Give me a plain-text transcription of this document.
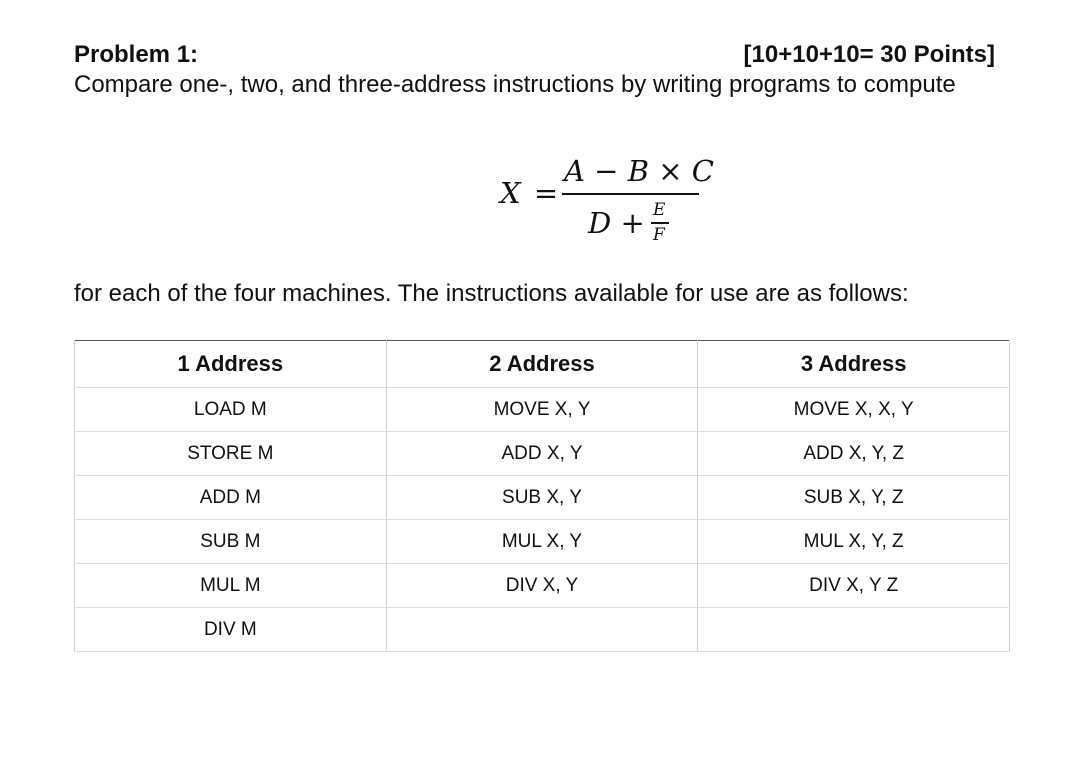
Problem 1:	[10+10+10= 30 Points]
Compare one-, two, and three-address instructions by writing programs to compute
X =
A − B × C
D + E
F
for each of the four machines. The instructions available for use are as follows:
1 Address	2 Address	3 Address
LOAD M	MOVE X, Y	MOVE X, X, Y
STORE M	ADD X, Y	ADD X, Y, Z
ADD M	SUB X, Y	SUB X, Y, Z
SUB M	MUL X, Y	MUL X, Y, Z
MUL M	DIV X, Y	DIV X, Y Z
DIV M		
